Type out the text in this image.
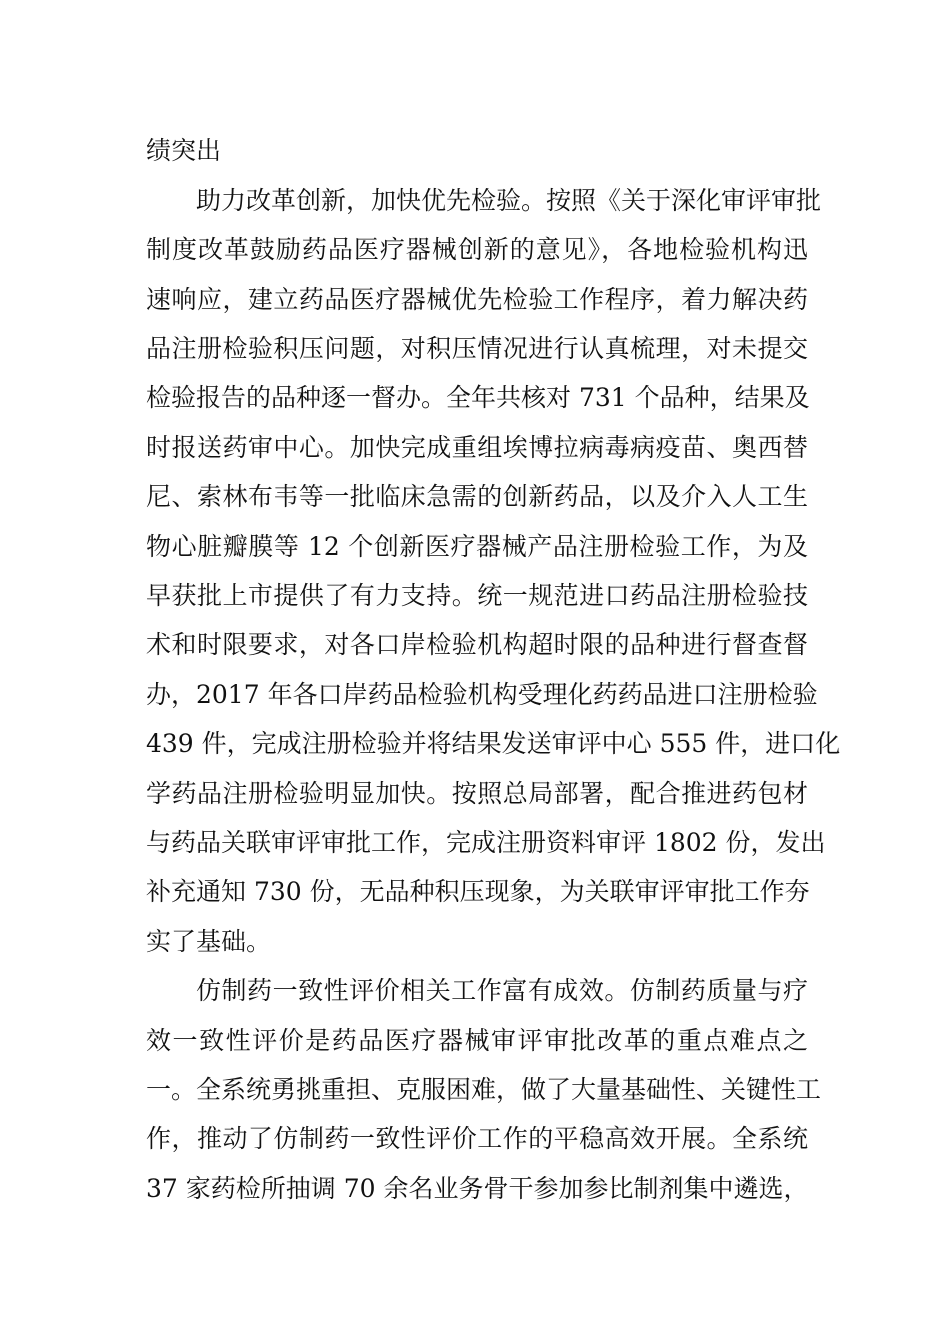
绩突出
助力改革创新，加快优先检验。按照《关于深化审评审批
制度改革鼓励药品医疗器械创新的意见》，各地检验机构迅
速响应，建立药品医疗器械优先检验工作程序，着力解决药
品注册检验积压问题，对积压情况进行认真梳理，对未提交
检验报告的品种逐一督办。全年共核对 731 个品种，结果及
时报送药审中心。加快完成重组埃博拉病毒病疫苗、奥西替
尼、索林布韦等一批临床急需的创新药品，以及介入人工生
物心脏瓣膜等 12 个创新医疗器械产品注册检验工作，为及
早获批上市提供了有力支持。统一规范进口药品注册检验技
术和时限要求，对各口岸检验机构超时限的品种进行督查督
办，2017 年各口岸药品检验机构受理化药药品进口注册检验
439 件，完成注册检验并将结果发送审评中心 555 件，进口化
学药品注册检验明显加快。按照总局部署，配合推进药包材
与药品关联审评审批工作，完成注册资料审评 1802 份，发出
补充通知 730 份，无品种积压现象，为关联审评审批工作夯
实了基础。
仿制药一致性评价相关工作富有成效。仿制药质量与疗
效一致性评价是药品医疗器械审评审批改革的重点难点之
一。全系统勇挑重担、克服困难，做了大量基础性、关键性工
作，推动了仿制药一致性评价工作的平稳高效开展。全系统
37 家药检所抽调 70 余名业务骨干参加参比制剂集中遴选，
